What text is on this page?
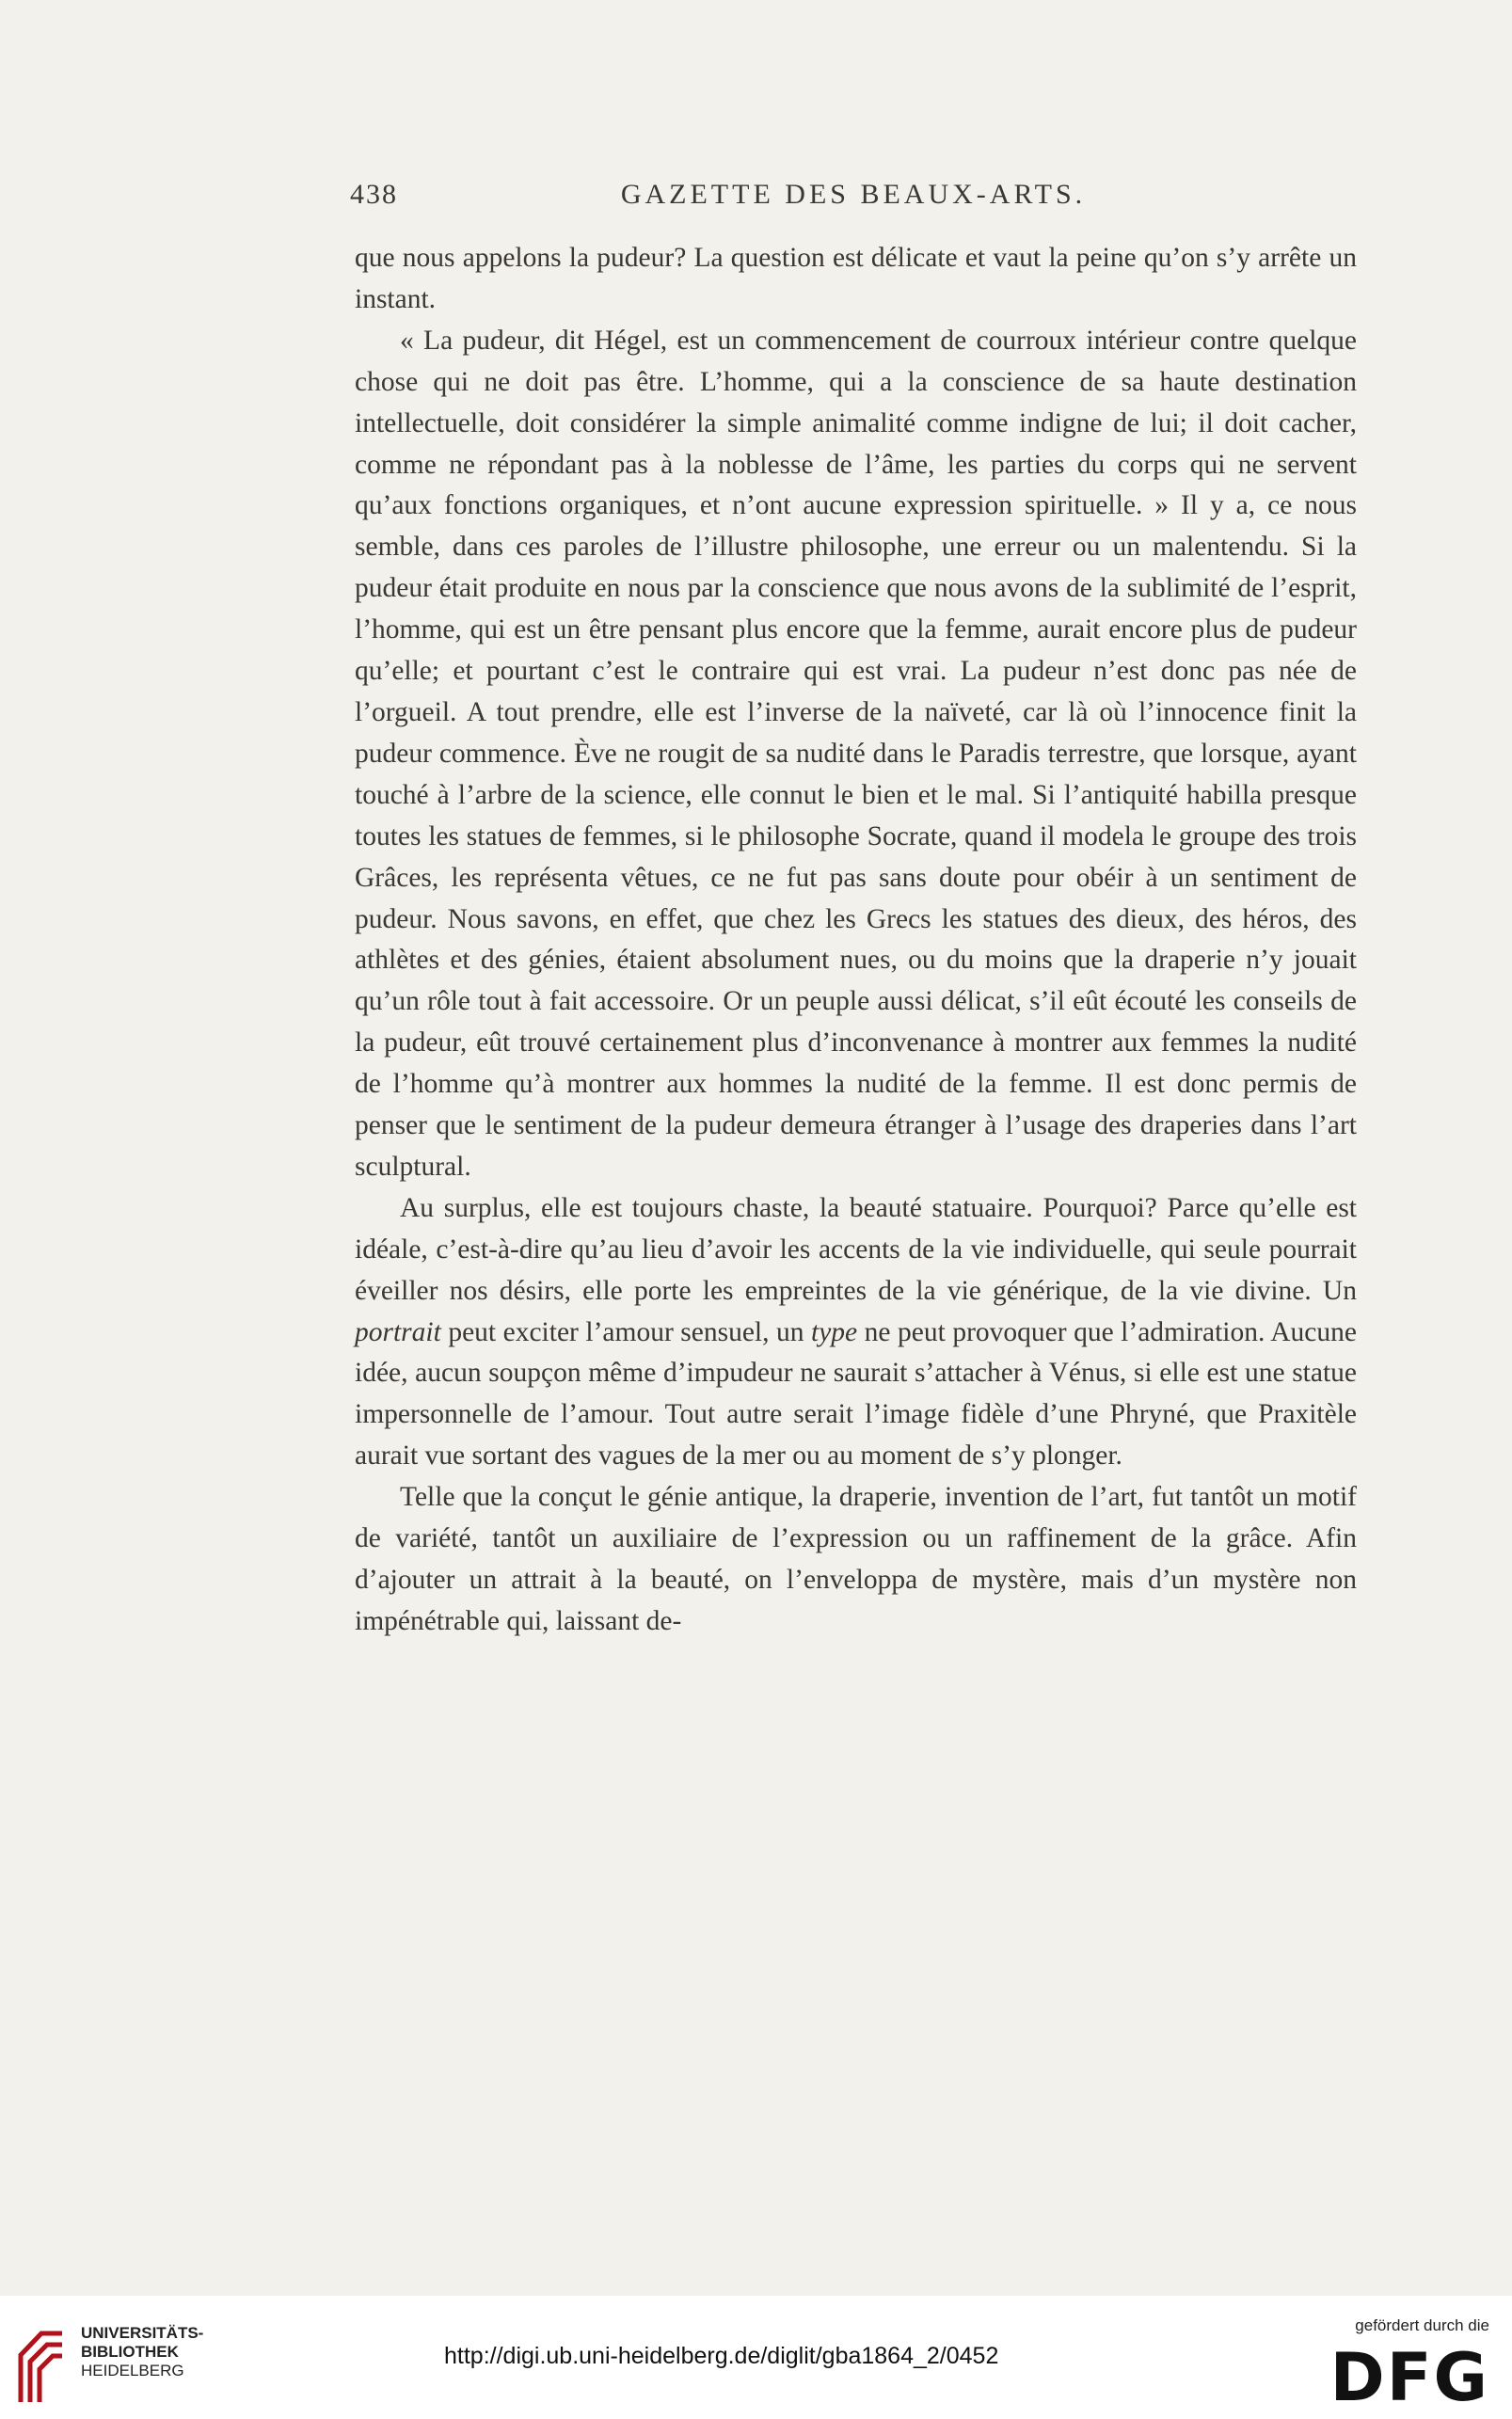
438	GAZETTE DES BEAUX-ARTS.

que nous appelons la pudeur? La question est délicate et vaut la peine qu’on s’y arrête un instant.

« La pudeur, dit Hégel, est un commencement de courroux intérieur contre quelque chose qui ne doit pas être. L’homme, qui a la conscience de sa haute destination intellectuelle, doit considérer la simple animalité comme indigne de lui; il doit cacher, comme ne répondant pas à la noblesse de l’âme, les parties du corps qui ne servent qu’aux fonctions organiques, et n’ont aucune expression spirituelle. » Il y a, ce nous semble, dans ces paroles de l’illustre philosophe, une erreur ou un malentendu. Si la pudeur était produite en nous par la conscience que nous avons de la sublimité de l’esprit, l’homme, qui est un être pensant plus encore que la femme, aurait encore plus de pudeur qu’elle; et pourtant c’est le contraire qui est vrai. La pudeur n’est donc pas née de l’orgueil. A tout prendre, elle est l’inverse de la naïveté, car là où l’innocence finit la pudeur commence. Ève ne rougit de sa nudité dans le Paradis terrestre, que lorsque, ayant touché à l’arbre de la science, elle connut le bien et le mal. Si l’antiquité habilla presque toutes les statues de femmes, si le philosophe Socrate, quand il modela le groupe des trois Grâces, les représenta vêtues, ce ne fut pas sans doute pour obéir à un sentiment de pudeur. Nous savons, en effet, que chez les Grecs les statues des dieux, des héros, des athlètes et des génies, étaient absolument nues, ou du moins que la draperie n’y jouait qu’un rôle tout à fait accessoire. Or un peuple aussi délicat, s’il eût écouté les conseils de la pudeur, eût trouvé certainement plus d’inconvenance à montrer aux femmes la nudité de l’homme qu’à montrer aux hommes la nudité de la femme. Il est donc permis de penser que le sentiment de la pudeur demeura étranger à l’usage des draperies dans l’art sculptural.

Au surplus, elle est toujours chaste, la beauté statuaire. Pourquoi? Parce qu’elle est idéale, c’est-à-dire qu’au lieu d’avoir les accents de la vie individuelle, qui seule pourrait éveiller nos désirs, elle porte les empreintes de la vie générique, de la vie divine. Un portrait peut exciter l’amour sensuel, un type ne peut provoquer que l’admiration. Aucune idée, aucun soupçon même d’impudeur ne saurait s’attacher à Vénus, si elle est une statue impersonnelle de l’amour. Tout autre serait l’image fidèle d’une Phryné, que Praxitèle aurait vue sortant des vagues de la mer ou au moment de s’y plonger.

Telle que la conçut le génie antique, la draperie, invention de l’art, fut tantôt un motif de variété, tantôt un auxiliaire de l’expression ou un raffinement de la grâce. Afin d’ajouter un attrait à la beauté, on l’enveloppa de mystère, mais d’un mystère non impénétrable qui, laissant de-

UNIVERSITÄTS-
BIBLIOTHEK
HEIDELBERG
http://digi.ub.uni-heidelberg.de/diglit/gba1864_2/0452
gefördert durch die
DFG
